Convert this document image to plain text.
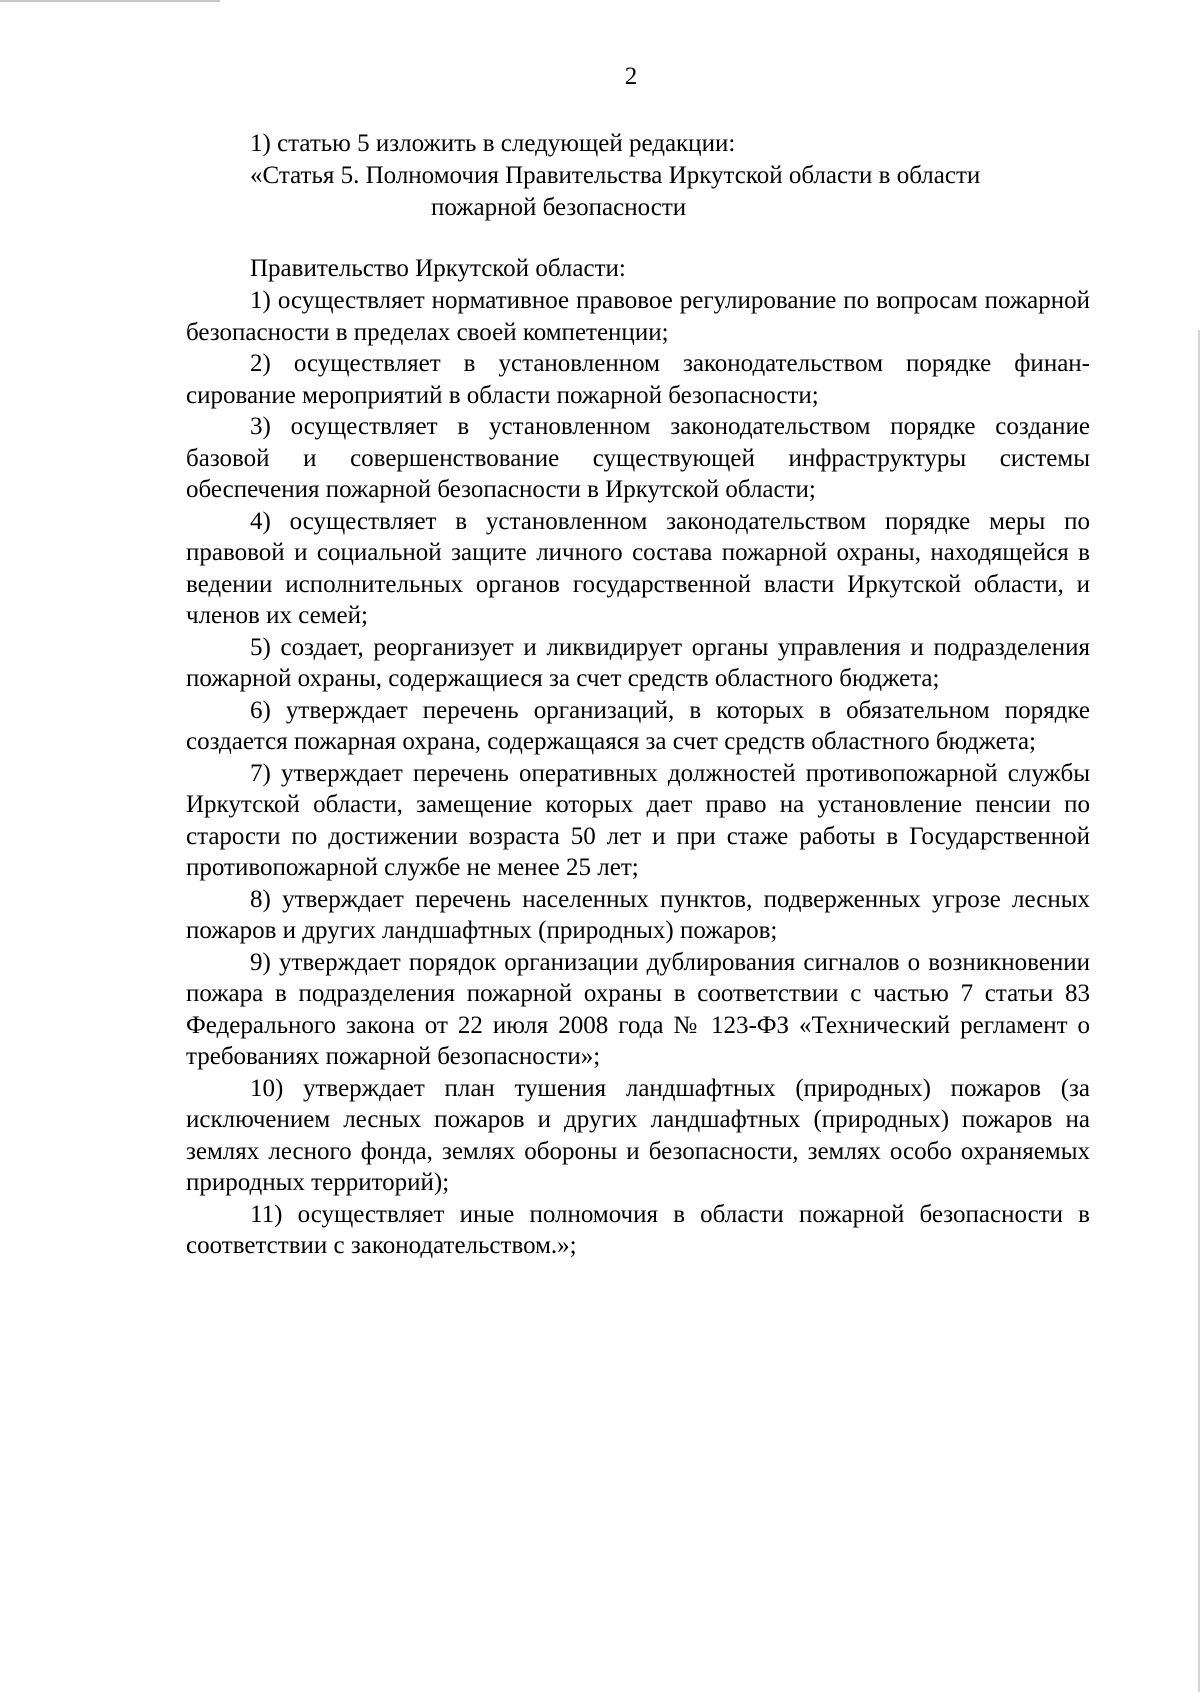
2

1) статью 5 изложить в следующей редакции:

«Статья 5. Полномочия Правительства Иркутской области в области
пожарной безопасности

Правительство Иркутской области:

1) осуществляет нормативное правовое регулирование по вопросам пожарной безопасности в пределах своей компетенции;

2) осуществляет в установленном законодательством порядке финансирование мероприятий в области пожарной безопасности;

3) осуществляет в установленном законодательством порядке создание базовой и совершенствование существующей инфраструктуры системы обеспечения пожарной безопасности в Иркутской области;

4) осуществляет в установленном законодательством порядке меры по правовой и социальной защите личного состава пожарной охраны, находящейся в ведении исполнительных органов государственной власти Иркутской области, и членов их семей;

5) создает, реорганизует и ликвидирует органы управления и подразделения пожарной охраны, содержащиеся за счет средств областного бюджета;

6) утверждает перечень организаций, в которых в обязательном порядке создается пожарная охрана, содержащаяся за счет средств областного бюджета;

7) утверждает перечень оперативных должностей противопожарной службы Иркутской области, замещение которых дает право на установление пенсии по старости по достижении возраста 50 лет и при стаже работы в Государственной противопожарной службе не менее 25 лет;

8) утверждает перечень населенных пунктов, подверженных угрозе лесных пожаров и других ландшафтных (природных) пожаров;

9) утверждает порядок организации дублирования сигналов о возникновении пожара в подразделения пожарной охраны в соответствии с частью 7 статьи 83 Федерального закона от 22 июля 2008 года № 123-ФЗ «Технический регламент о требованиях пожарной безопасности»;

10) утверждает план тушения ландшафтных (природных) пожаров (за исключением лесных пожаров и других ландшафтных (природных) пожаров на землях лесного фонда, землях обороны и безопасности, землях особо охраняемых природных территорий);

11) осуществляет иные полномочия в области пожарной безопасности в соответствии с законодательством.»;
